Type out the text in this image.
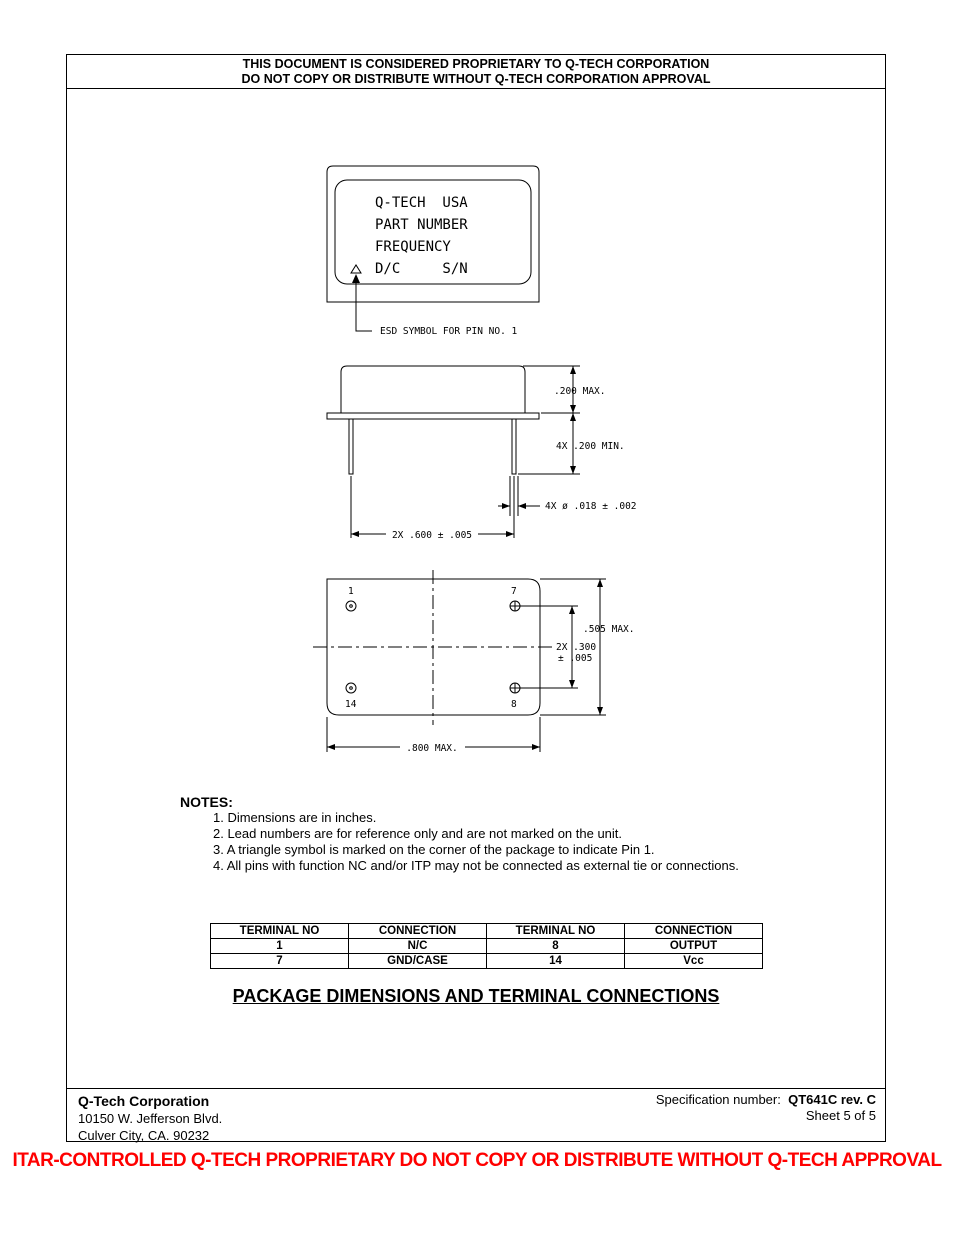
THIS DOCUMENT IS CONSIDERED PROPRIETARY TO Q-TECH CORPORATION
DO NOT COPY OR DISTRIBUTE WITHOUT Q-TECH CORPORATION APPROVAL
Q-TECH  USA
PART NUMBER
FREQUENCY
D/C     S/N
ESD SYMBOL FOR PIN NO. 1
.200 MAX.
4X .200 MIN.
4X ø .018 ± .002
2X .600 ± .005
1	7
14	8
.505 MAX.
2X .300
± .005
.800 MAX.
NOTES:
1. Dimensions are in inches.
2. Lead numbers are for reference only and are not marked on the unit.
3. A triangle symbol is marked on the corner of the package to indicate Pin 1.
4. All pins with function NC and/or ITP may not be connected as external tie or connections.
TERMINAL NO	CONNECTION	TERMINAL NO	CONNECTION
1	N/C	8	OUTPUT
7	GND/CASE	14	Vcc
PACKAGE DIMENSIONS AND TERMINAL CONNECTIONS
Q-Tech Corporation
10150 W. Jefferson Blvd.
Culver City, CA. 90232
Specification number: QT641C rev. C
Sheet 5 of 5
ITAR-CONTROLLED Q-TECH PROPRIETARY DO NOT COPY OR DISTRIBUTE WITHOUT Q-TECH APPROVAL
